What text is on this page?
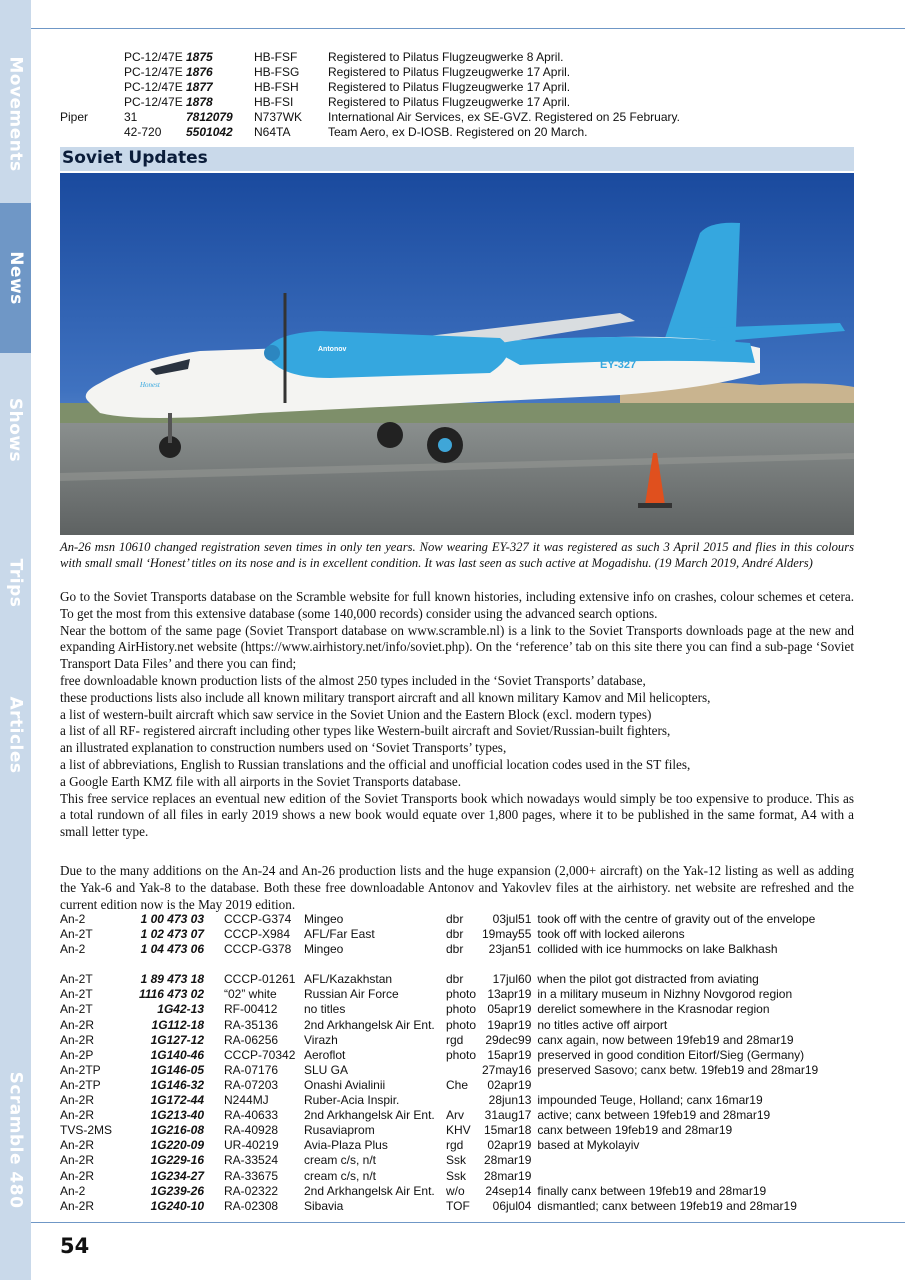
Movements
News
Shows
Trips
Articles
Scramble 480
	PC-12/47E	1875	HB-FSF	Registered to Pilatus Flugzeugwerke 8 April.
	PC-12/47E	1876	HB-FSG	Registered to Pilatus Flugzeugwerke 17 April.
	PC-12/47E	1877	HB-FSH	Registered to Pilatus Flugzeugwerke 17 April.
	PC-12/47E	1878	HB-FSI	Registered to Pilatus Flugzeugwerke 17 April.
Piper	31	7812079	N737WK	International Air Services, ex SE-GVZ. Registered on 25 February.
	42-720	5501042	N64TA	Team Aero, ex D-IOSB. Registered on 20 March.
Soviet Updates
EY-327
Honest
Antonov
An-26 msn 10610 changed registration seven times in only ten years. Now wearing EY-327 it was registered as such 3 April 2015 and flies in this colours with small small ‘Honest’ titles on its nose and is in excellent condition. It was last seen as such active at Mogadishu. (19 March 2019, André Alders)

Go to the Soviet Transports database on the Scramble website for full known histories, including extensive info on crashes, colour schemes et cetera. To get the most from this extensive database (some 140,000 records) consider using the advanced search options.

Near the bottom of the same page (Soviet Transport database on www.scramble.nl) is a link to the Soviet Transports downloads page at the new and expanding AirHistory.net website (https://www.airhistory.net/info/soviet.php). On the ‘reference’ tab on this site there you can find a sub-page ‘Soviet Transport Data Files’ and there you can find;

free downloadable known production lists of the almost 250 types included in the ‘Soviet Transports’ database,

these productions lists also include all known military transport aircraft and all known military Kamov and Mil helicopters,

a list of western-built aircraft which saw service in the Soviet Union and the Eastern Block (excl. modern types)

a list of all RF- registered aircraft including other types like Western-built aircraft and Soviet/Russian-built fighters,

an illustrated explanation to construction numbers used on ‘Soviet Transports’ types,

a list of abbreviations, English to Russian translations and the official and unofficial location codes used in the ST files,

a Google Earth KMZ file with all airports in the Soviet Transports database.

This free service replaces an eventual new edition of the Soviet Transports book which nowadays would simply be too expensive to produce. This as a total rundown of all files in early 2019 shows a new book would equate over 1,800 pages, where it to be published in the same format, A4 with a small letter type.

Due to the many additions on the An-24 and An-26 production lists and the huge expansion (2,000+ aircraft) on the Yak-12 listing as well as adding the Yak-6 and Yak-8 to the database. Both these free downloadable Antonov and Yakovlev files at the airhistory. net website are refreshed and the current edition now is the May 2019 edition.

An-2	1 00 473 03	CCCP-G374	Mingeo	dbr	03jul51	took off with the centre of gravity out of the envelope
An-2T	1 02 473 07	CCCP-X984	AFL/Far East	dbr	19may55	took off with locked ailerons
An-2	1 04 473 06	CCCP-G378	Mingeo	dbr	23jan51	collided with ice hummocks on lake Balkhash

An-2T	1 89 473 18	CCCP-01261	AFL/Kazakhstan	dbr	17jul60	when the pilot got distracted from aviating
An-2T	1116 473 02	“02” white	Russian Air Force	photo	13apr19	in a military museum in Nizhny Novgorod region
An-2T	1G42-13	RF-00412	no titles	photo	05apr19	derelict somewhere in the Krasnodar region
An-2R	1G112-18	RA-35136	2nd Arkhangelsk Air Ent.	photo	19apr19	no titles active off airport
An-2R	1G127-12	RA-06256	Virazh	rgd	29dec99	canx again, now between 19feb19 and 28mar19
An-2P	1G140-46	CCCP-70342	Aeroflot	photo	15apr19	preserved in good condition Eitorf/Sieg (Germany)
An-2TP	1G146-05	RA-07176	SLU GA		27may16	preserved Sasovo; canx betw. 19feb19 and 28mar19
An-2TP	1G146-32	RA-07203	Onashi Avialinii	Che	02apr19	
An-2R	1G172-44	N244MJ	Ruber-Acia Inspir.		28jun13	impounded Teuge, Holland; canx 16mar19
An-2R	1G213-40	RA-40633	2nd Arkhangelsk Air Ent.	Arv	31aug17	active; canx between 19feb19 and 28mar19
TVS-2MS	1G216-08	RA-40928	Rusaviaprom	KHV	15mar18	canx between 19feb19 and 28mar19
An-2R	1G220-09	UR-40219	Avia-Plaza Plus	rgd	02apr19	based at Mykolayiv
An-2R	1G229-16	RA-33524	cream c/s, n/t	Ssk	28mar19	
An-2R	1G234-27	RA-33675	cream c/s, n/t	Ssk	28mar19	
An-2	1G239-26	RA-02322	2nd Arkhangelsk Air Ent.	w/o	24sep14	finally canx between 19feb19 and 28mar19
An-2R	1G240-10	RA-02308	Sibavia	TOF	06jul04	dismantled; canx between 19feb19 and 28mar19
54
